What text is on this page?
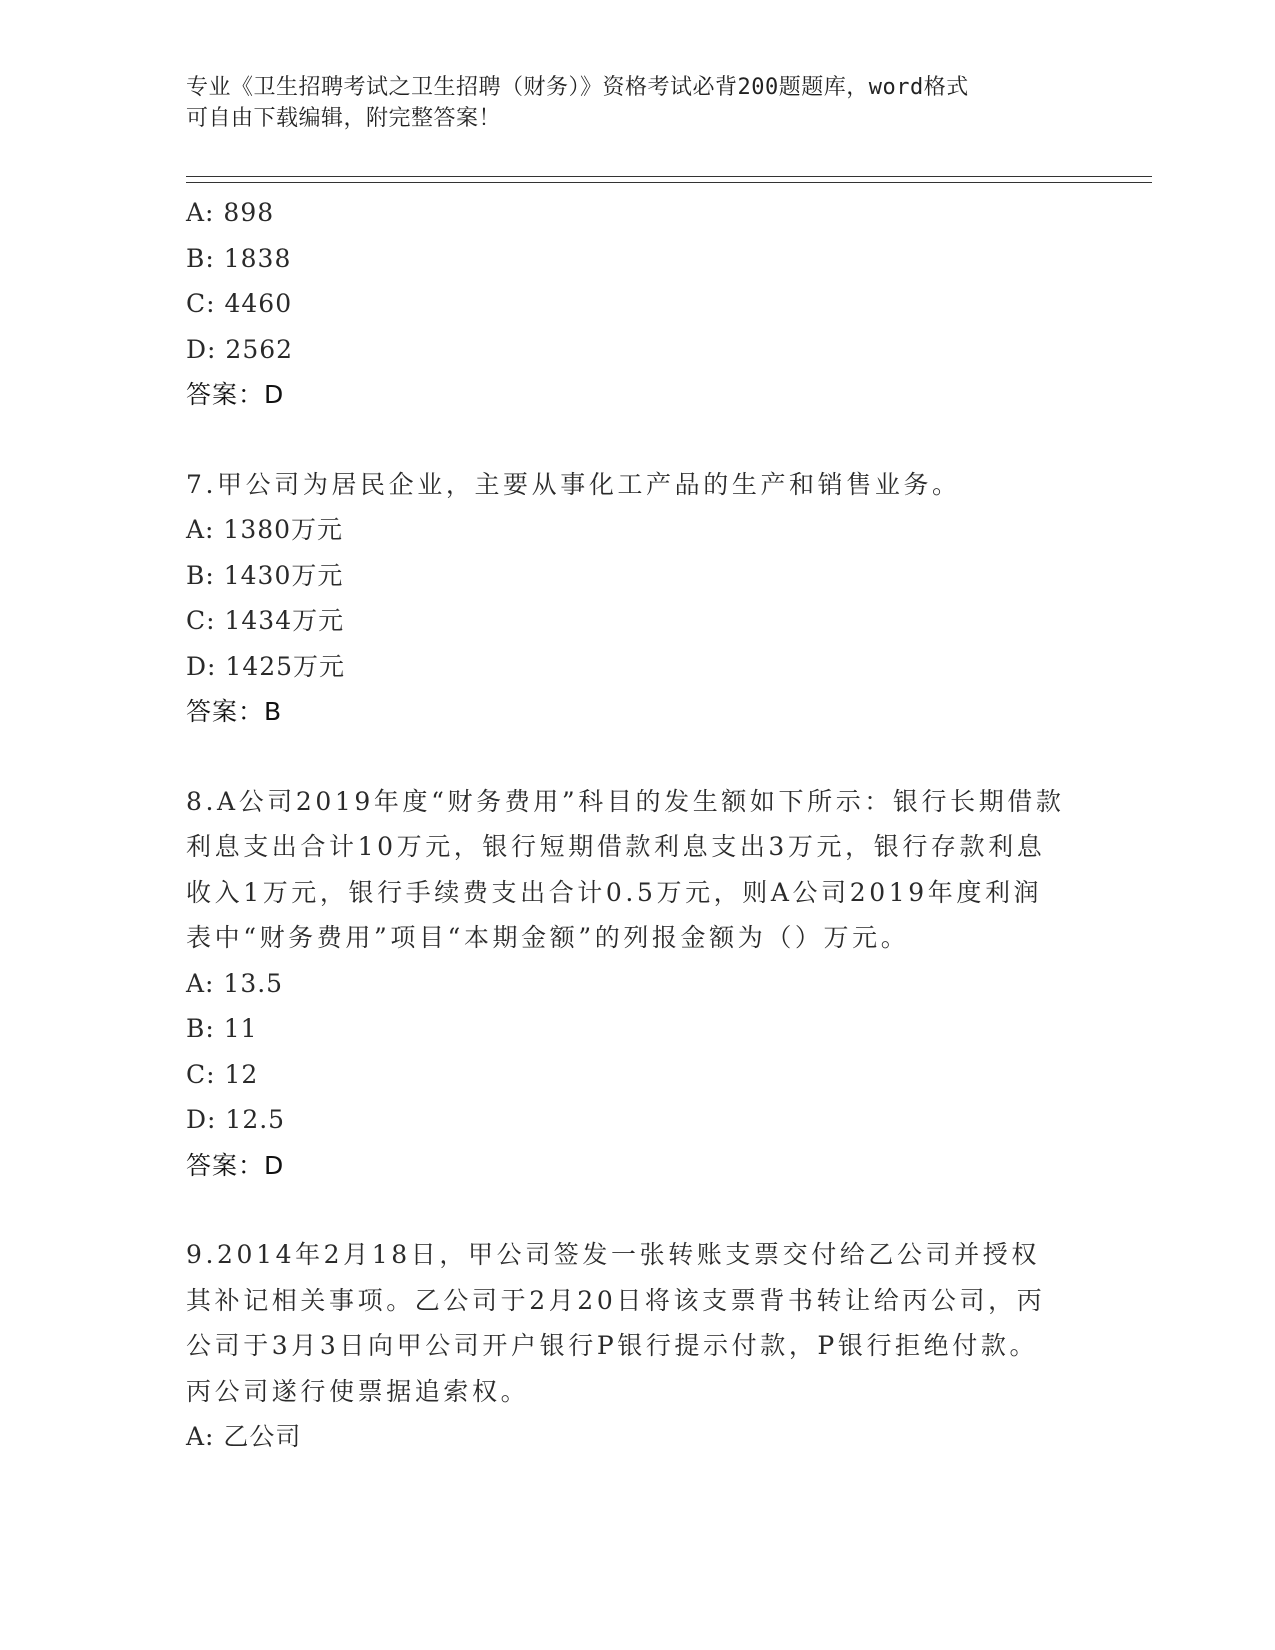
专业《卫生招聘考试之卫生招聘（财务）》资格考试必背200题题库，word格式
可自由下载编辑，附完整答案！
A: 898
B: 1838
C: 4460
D: 2562
答案：D
7.甲公司为居民企业，主要从事化工产品的生产和销售业务。
A: 1380万元
B: 1430万元
C: 1434万元
D: 1425万元
答案：B
8.A公司2019年度“财务费用”科目的发生额如下所示：银行长期借款利息支出合计10万元，银行短期借款利息支出3万元，银行存款利息收入1万元，银行手续费支出合计0.5万元，则A公司2019年度利润表中“财务费用”项目“本期金额”的列报金额为（）万元。
A: 13.5
B: 11
C: 12
D: 12.5
答案：D
9.2014年2月18日，甲公司签发一张转账支票交付给乙公司并授权其补记相关事项。乙公司于2月20日将该支票背书转让给丙公司，丙公司于3月3日向甲公司开户银行P银行提示付款，P银行拒绝付款。丙公司遂行使票据追索权。
A: 乙公司
